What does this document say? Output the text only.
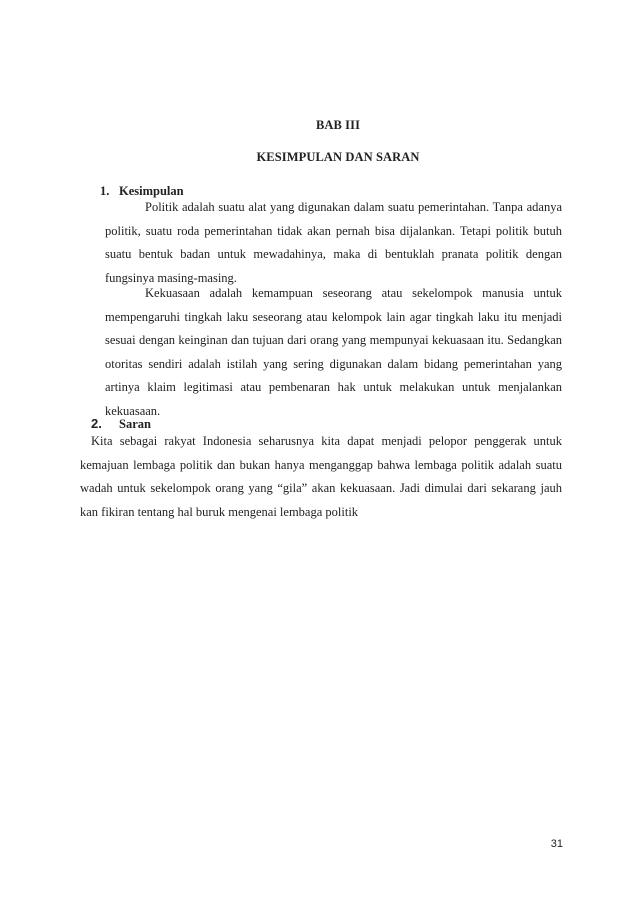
BAB III
KESIMPULAN DAN SARAN
1. Kesimpulan

Politik adalah suatu alat yang digunakan dalam suatu pemerintahan. Tanpa adanya politik, suatu roda pemerintahan tidak akan pernah bisa dijalankan. Tetapi politik butuh suatu bentuk badan untuk mewadahinya, maka di bentuklah pranata politik dengan fungsinya masing-masing.

Kekuasaan adalah kemampuan seseorang atau sekelompok manusia untuk mempengaruhi tingkah laku seseorang atau kelompok lain agar tingkah laku itu menjadi sesuai dengan keinginan dan tujuan dari orang yang mempunyai kekuasaan itu. Sedangkan otoritas sendiri adalah istilah yang sering digunakan dalam bidang pemerintahan yang artinya klaim legitimasi atau pembenaran hak untuk melakukan untuk menjalankan kekuasaan.

2. Saran

Kita sebagai rakyat Indonesia seharusnya kita dapat menjadi pelopor penggerak untuk kemajuan lembaga politik dan bukan hanya menganggap bahwa lembaga politik adalah suatu wadah untuk sekelompok orang yang “gila” akan kekuasaan. Jadi dimulai dari sekarang jauh kan fikiran tentang hal buruk mengenai lembaga politik

31
